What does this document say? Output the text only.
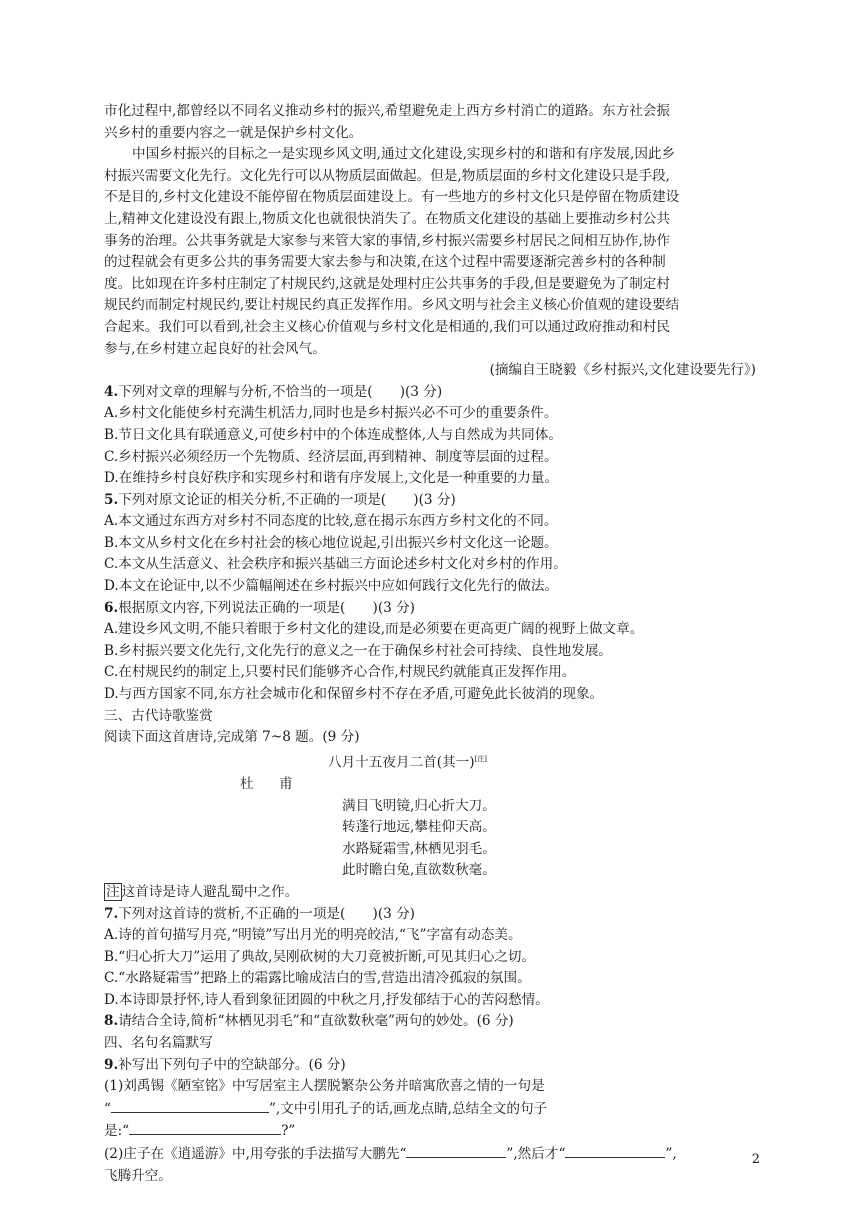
市化过程中,都曾经以不同名义推动乡村的振兴,希望避免走上西方乡村消亡的道路。东方社会振
兴乡村的重要内容之一就是保护乡村文化。
中国乡村振兴的目标之一是实现乡风文明,通过文化建设,实现乡村的和谐和有序发展,因此乡
村振兴需要文化先行。文化先行可以从物质层面做起。但是,物质层面的乡村文化建设只是手段,
不是目的,乡村文化建设不能停留在物质层面建设上。有一些地方的乡村文化只是停留在物质建设
上,精神文化建设没有跟上,物质文化也就很快消失了。在物质文化建设的基础上要推动乡村公共
事务的治理。公共事务就是大家参与来管大家的事情,乡村振兴需要乡村居民之间相互协作,协作
的过程就会有更多公共的事务需要大家去参与和决策,在这个过程中需要逐渐完善乡村的各种制
度。比如现在许多村庄制定了村规民约,这就是处理村庄公共事务的手段,但是要避免为了制定村
规民约而制定村规民约,要让村规民约真正发挥作用。乡风文明与社会主义核心价值观的建设要结
合起来。我们可以看到,社会主义核心价值观与乡村文化是相通的,我们可以通过政府推动和村民
参与,在乡村建立起良好的社会风气。
(摘编自王晓毅《乡村振兴,文化建设要先行》)
4.下列对文章的理解与分析,不恰当的一项是(　　)(3 分)
A.乡村文化能使乡村充满生机活力,同时也是乡村振兴必不可少的重要条件。
B.节日文化具有联通意义,可使乡村中的个体连成整体,人与自然成为共同体。
C.乡村振兴必须经历一个先物质、经济层面,再到精神、制度等层面的过程。
D.在维持乡村良好秩序和实现乡村和谐有序发展上,文化是一种重要的力量。
5.下列对原文论证的相关分析,不正确的一项是(　　)(3 分)
A.本文通过东西方对乡村不同态度的比较,意在揭示东西方乡村文化的不同。
B.本文从乡村文化在乡村社会的核心地位说起,引出振兴乡村文化这一论题。
C.本文从生活意义、社会秩序和振兴基础三方面论述乡村文化对乡村的作用。
D.本文在论证中,以不少篇幅阐述在乡村振兴中应如何践行文化先行的做法。
6.根据原文内容,下列说法正确的一项是(　　)(3 分)
A.建设乡风文明,不能只着眼于乡村文化的建设,而是必须要在更高更广阔的视野上做文章。
B.乡村振兴要文化先行,文化先行的意义之一在于确保乡村社会可持续、良性地发展。
C.在村规民约的制定上,只要村民们能够齐心合作,村规民约就能真正发挥作用。
D.与西方国家不同,东方社会城市化和保留乡村不存在矛盾,可避免此长彼消的现象。
三、古代诗歌鉴赏
阅读下面这首唐诗,完成第 7~8 题。(9 分)
八月十五夜月二首(其一)[注]
杜　甫
满目飞明镜,归心折大刀。
转蓬行地远,攀桂仰天高。
水路疑霜雪,林栖见羽毛。
此时瞻白兔,直欲数秋毫。
注 这首诗是诗人避乱蜀中之作。
7.下列对这首诗的赏析,不正确的一项是(　　)(3 分)
A.诗的首句描写月亮,“明镜”写出月光的明亮皎洁,“飞”字富有动态美。
B.“归心折大刀”运用了典故,吴刚砍树的大刀竟被折断,可见其归心之切。
C.“水路疑霜雪”把路上的霜露比喻成洁白的雪,营造出清冷孤寂的氛围。
D.本诗即景抒怀,诗人看到象征团圆的中秋之月,抒发郁结于心的苦闷愁情。
8.请结合全诗,简析“林栖见羽毛”和“直欲数秋毫”两句的妙处。(6 分)
四、名句名篇默写
9.补写出下列句子中的空缺部分。(6 分)
(1)刘禹锡《陋室铭》中写居室主人摆脱繁杂公务并暗寓欣喜之情的一句是
“	”,文中引用孔子的话,画龙点睛,总结全文的句子
是:“	?”
(2)庄子在《逍遥游》中,用夸张的手法描写大鹏先“	”,然后才“	”,
飞腾升空。
2
